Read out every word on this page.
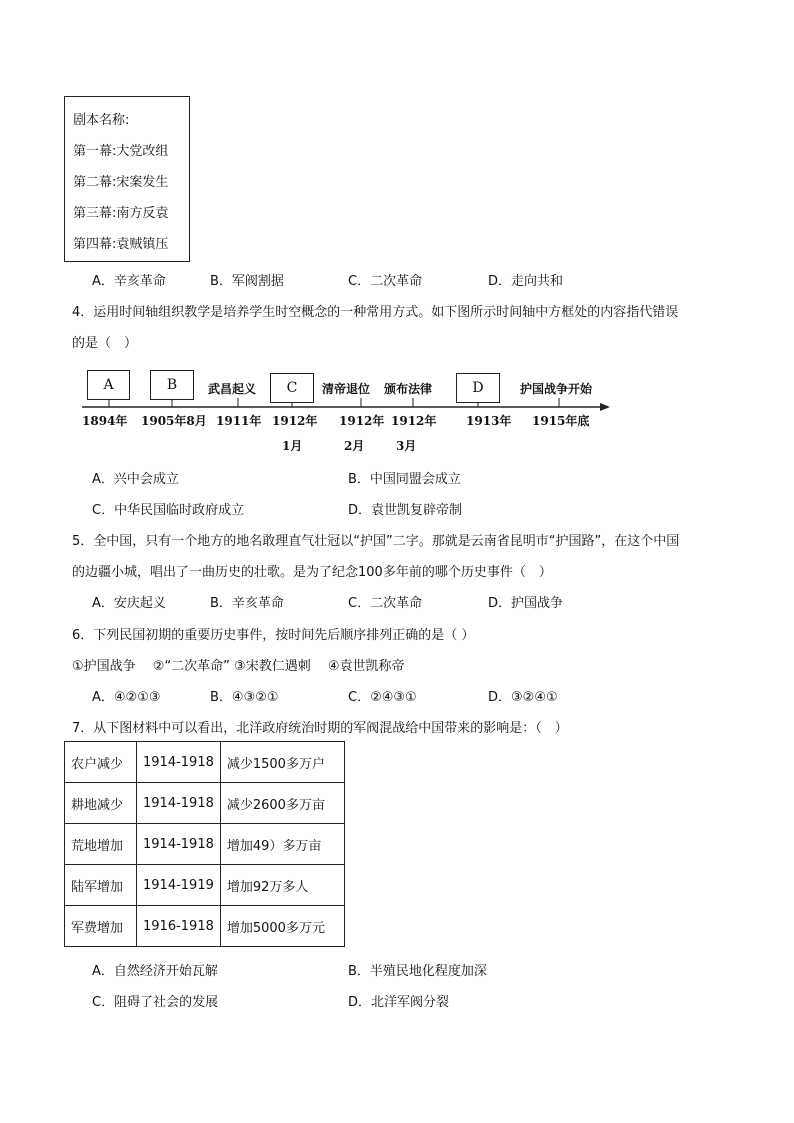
剧本名称:
第一幕:大党改组
第二幕:宋案发生
第三幕:南方反袁
第四幕:袁贼镇压
A．辛亥革命	B．军阀割据	C．二次革命	D．走向共和
4．运用时间轴组织教学是培养学生时空概念的一种常用方式。如下图所示时间轴中方框处的内容指代错误
的是（　）
A	B	C	D
武昌起义	清帝退位 颁布法律	护国战争开始
1894年 1905年8月 1911年 1912年 1912年 1912年 1913年 1915年底
1月	2月	3月
A．兴中会成立	B．中国同盟会成立
C．中华民国临时政府成立	D．袁世凯复辟帝制
5．全中国，只有一个地方的地名敢理直气壮冠以“护国”二字。那就是云南省昆明市“护国路”，在这个中国
的边疆小城，唱出了一曲历史的壮歌。是为了纪念100多年前的哪个历史事件（　）
A．安庆起义	B．辛亥革命	C．二次革命	D．护国战争
6．下列民国初期的重要历史事件，按时间先后顺序排列正确的是（ ）
①护国战争　 ②“二次革命” ③宋教仁遇刺　 ④袁世凯称帝
A．④②①③	B．④③②①	C．②④③①	D．③②④①
7．从下图材料中可以看出，北洋政府统治时期的军阀混战给中国带来的影响是：（　）
农户减少	1914-1918	减少1500多万户
耕地减少	1914-1918	减少2600多万亩
荒地增加	1914-1918	增加49）多万亩
陆军增加	1914-1919	增加92万多人
军费增加	1916-1918	增加5000多万元
A．自然经济开始瓦解	B．半殖民地化程度加深
C．阻碍了社会的发展	D．北洋军阀分裂
